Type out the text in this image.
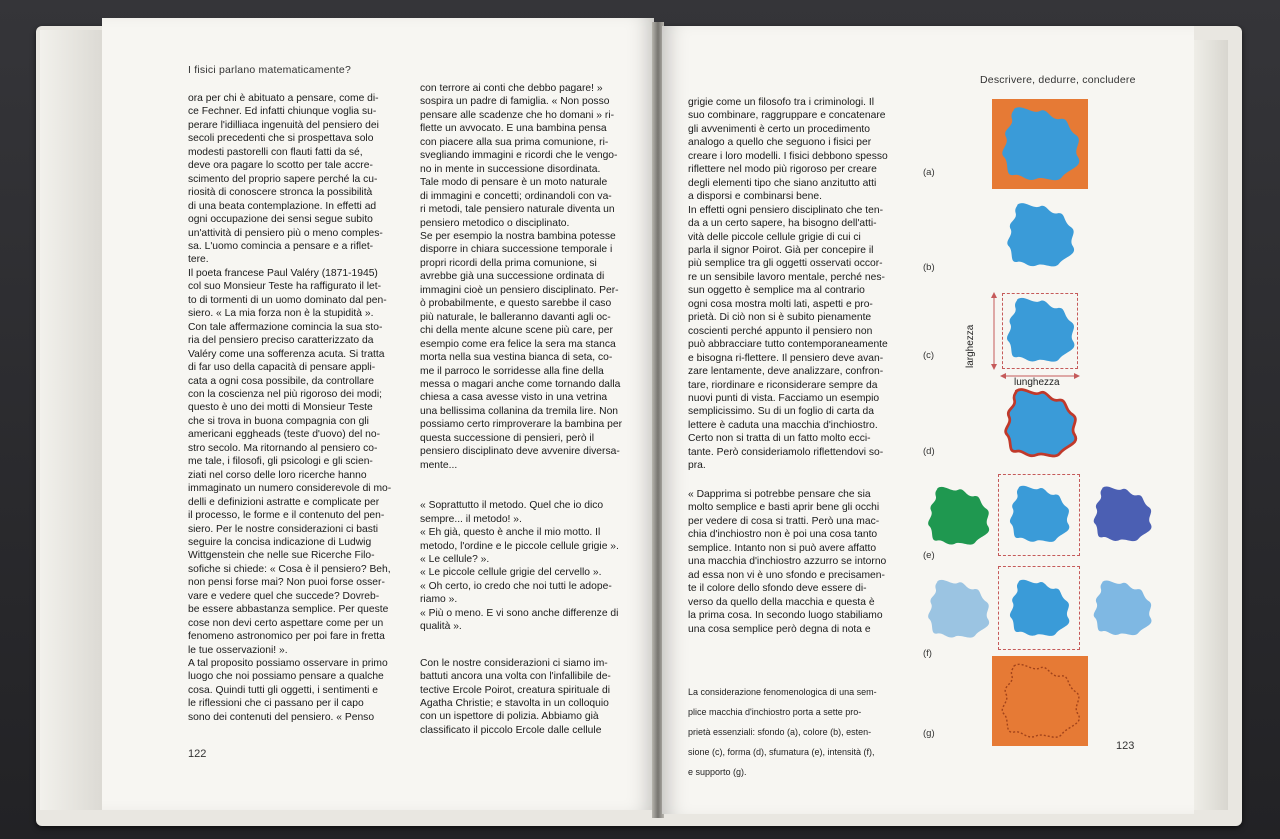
I fisici parlano matematicamente?

ora per chi è abituato a pensare, come di-

ce Fechner. Ed infatti chiunque voglia su-

perare l'idilliaca ingenuità del pensiero dei

secoli precedenti che si prospettava solo

modesti pastorelli con flauti fatti da sé,

deve ora pagare lo scotto per tale accre-

scimento del proprio sapere perché la cu-

riosità di conoscere stronca la possibilità

di una beata contemplazione. In effetti ad

ogni occupazione dei sensi segue subito

un'attività di pensiero più o meno comples-

sa. L'uomo comincia a pensare e a riflet-

tere.

Il poeta francese Paul Valéry (1871-1945)

col suo Monsieur Teste ha raffigurato il let-

to di tormenti di un uomo dominato dal pen-

siero. « La mia forza non è la stupidità ».

Con tale affermazione comincia la sua sto-

ria del pensiero preciso caratterizzato da

Valéry come una sofferenza acuta. Si tratta

di far uso della capacità di pensare appli-

cata a ogni cosa possibile, da controllare

con la coscienza nel più rigoroso dei modi;

questo è uno dei motti di Monsieur Teste

che si trova in buona compagnia con gli

americani eggheads (teste d'uovo) del no-

stro secolo. Ma ritornando al pensiero co-

me tale, i filosofi, gli psicologi e gli scien-

ziati nel corso delle loro ricerche hanno

immaginato un numero considerevole di mo-

delli e definizioni astratte e complicate per

il processo, le forme e il contenuto del pen-

siero. Per le nostre considerazioni ci basti

seguire la concisa indicazione di Ludwig

Wittgenstein che nelle sue Ricerche Filo-

sofiche si chiede: « Cosa è il pensiero? Beh,

non pensi forse mai? Non puoi forse osser-

vare e vedere quel che succede? Dovreb-

be essere abbastanza semplice. Per queste

cose non devi certo aspettare come per un

fenomeno astronomico per poi fare in fretta

le tue osservazioni! ».

A tal proposito possiamo osservare in primo

luogo che noi possiamo pensare a qualche

cosa. Quindi tutti gli oggetti, i sentimenti e

le riflessioni che ci passano per il capo

sono dei contenuti del pensiero. « Penso

con terrore ai conti che debbo pagare! »

sospira un padre di famiglia. « Non posso

pensare alle scadenze che ho domani » ri-

flette un avvocato. E una bambina pensa

con piacere alla sua prima comunione, ri-

svegliando immagini e ricordi che le vengo-

no in mente in successione disordinata.

Tale modo di pensare è un moto naturale

di immagini e concetti; ordinandoli con va-

ri metodi, tale pensiero naturale diventa un

pensiero metodico o disciplinato.

Se per esempio la nostra bambina potesse

disporre in chiara successione temporale i

propri ricordi della prima comunione, si

avrebbe già una successione ordinata di

immagini cioè un pensiero disciplinato. Per-

ò probabilmente, e questo sarebbe il caso

più naturale, le balleranno davanti agli oc-

chi della mente alcune scene più care, per

esempio come era felice la sera ma stanca

morta nella sua vestina bianca di seta, co-

me il parroco le sorridesse alla fine della

messa o magari anche come tornando dalla

chiesa a casa avesse visto in una vetrina

una bellissima collanina da tremila lire. Non

possiamo certo rimproverare la bambina per

questa successione di pensieri, però il

pensiero disciplinato deve avvenire diversa-

mente...

« Soprattutto il metodo. Quel che io dico

sempre... il metodo! ».

« Eh già, questo è anche il mio motto. Il

metodo, l'ordine e le piccole cellule grigie ».

« Le cellule? ».

« Le piccole cellule grigie del cervello ».

« Oh certo, io credo che noi tutti le adope-

riamo ».

« Più o meno. E vi sono anche differenze di

qualità ».

Con le nostre considerazioni ci siamo im-

battuti ancora una volta con l'infallibile de-

tective Ercole Poirot, creatura spirituale di

Agatha Christie; e stavolta in un colloquio

con un ispettore di polizia. Abbiamo già

classificato il piccolo Ercole dalle cellule

122
Descrivere, dedurre, concludere

grigie come un filosofo tra i criminologi. Il

suo combinare, raggruppare e concatenare

gli avvenimenti è certo un procedimento

analogo a quello che seguono i fisici per

creare i loro modelli. I fisici debbono spesso

riflettere nel modo più rigoroso per creare

degli elementi tipo che siano anzitutto atti

a disporsi e combinarsi bene.

In effetti ogni pensiero disciplinato che ten-

da a un certo sapere, ha bisogno dell'atti-

vità delle piccole cellule grigie di cui ci

parla il signor Poirot. Già per concepire il

più semplice tra gli oggetti osservati occor-

re un sensibile lavoro mentale, perché nes-

sun oggetto è semplice ma al contrario

ogni cosa mostra molti lati, aspetti e pro-

prietà. Di ciò non si è subito pienamente

coscienti perché appunto il pensiero non

può abbracciare tutto contemporaneamente

e bisogna ri-flettere. Il pensiero deve avan-

zare lentamente, deve analizzare, confron-

tare, riordinare e riconsiderare sempre da

nuovi punti di vista. Facciamo un esempio

semplicissimo. Su di un foglio di carta da

lettere è caduta una macchia d'inchiostro.

Certo non si tratta di un fatto molto ecci-

tante. Però consideriamolo riflettendovi so-

pra.

« Dapprima si potrebbe pensare che sia

molto semplice e basti aprir bene gli occhi

per vedere di cosa si tratti. Però una mac-

chia d'inchiostro non è poi una cosa tanto

semplice. Intanto non si può avere affatto

una macchia d'inchiostro azzurro se intorno

ad essa non vi è uno sfondo e precisamen-

te il colore dello sfondo deve essere di-

verso da quello della macchia e questa è

la prima cosa. In secondo luogo stabiliamo

una cosa semplice però degna di nota e

La considerazione fenomenologica di una sem-

plice macchia d'inchiostro porta a sette pro-

prietà essenziali: sfondo (a), colore (b), esten-

sione (c), forma (d), sfumatura (e), intensità (f),

e supporto (g).

(a)
(b)
(c)
(d)
(e)
(f)
(g)
larghezza
lunghezza
123
